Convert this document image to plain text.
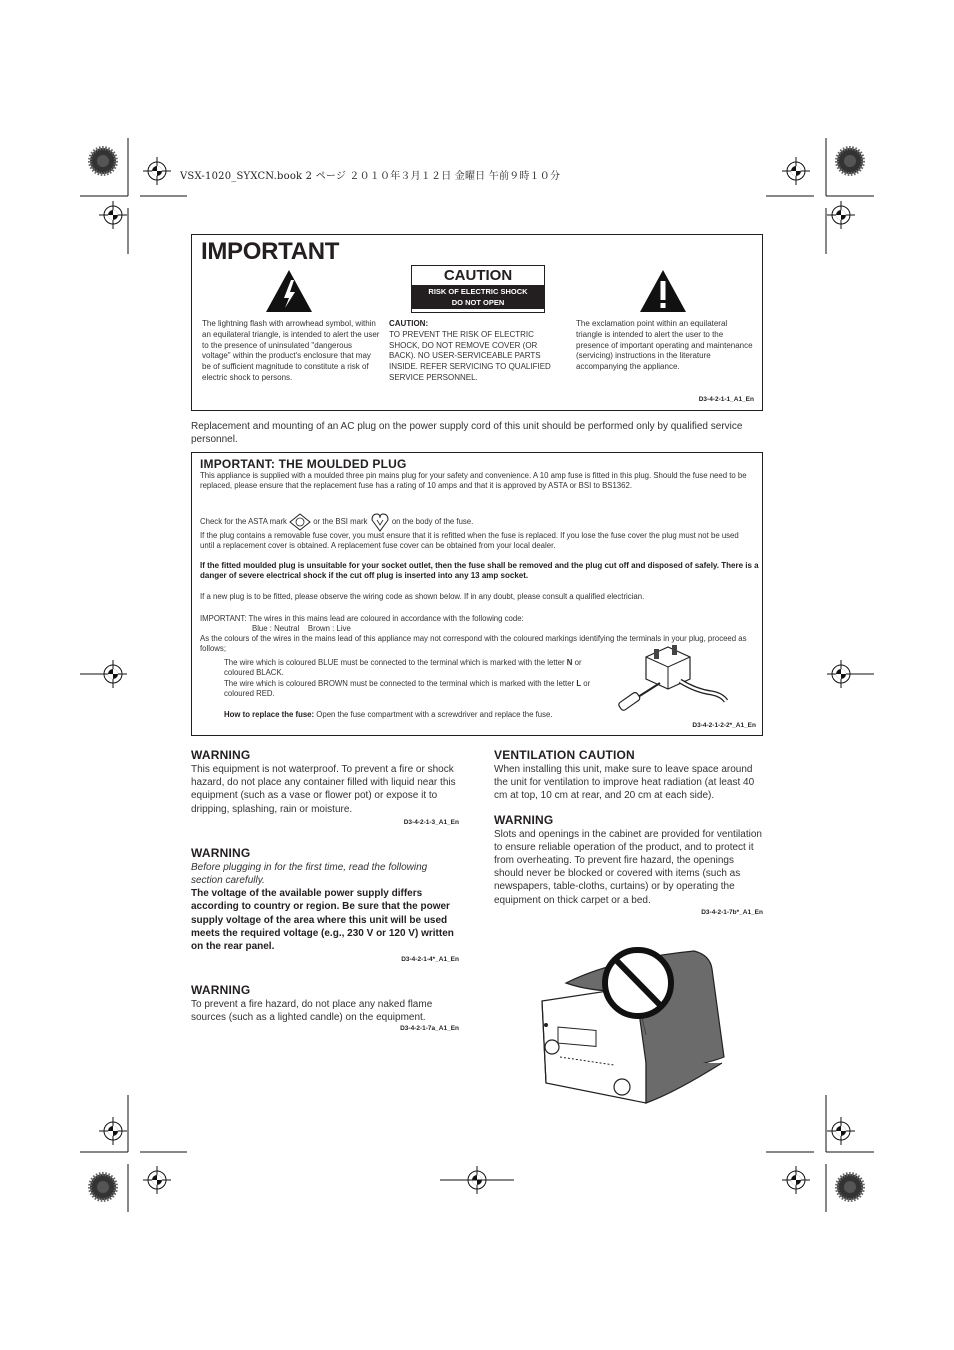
VSX-1020_SYXCN.book 2 ページ ２０１０年３月１２日 金曜日 午前９時１０分
IMPORTANT
CAUTION
RISK OF ELECTRIC SHOCK
DO NOT OPEN
The lightning flash with arrowhead symbol, within an equilateral triangle, is intended to alert the user to the presence of uninsulated "dangerous voltage" within the product's enclosure that may be of sufficient magnitude to constitute a risk of electric shock to persons.
CAUTION:
TO PREVENT THE RISK OF ELECTRIC SHOCK, DO NOT REMOVE COVER (OR BACK). NO USER-SERVICEABLE PARTS INSIDE. REFER SERVICING TO QUALIFIED SERVICE PERSONNEL.
The exclamation point within an equilateral triangle is intended to alert the user to the presence of important operating and maintenance (servicing) instructions in the literature accompanying the appliance.
D3-4-2-1-1_A1_En
Replacement and mounting of an AC plug on the power supply cord of this unit should be performed only by qualified service personnel.
IMPORTANT: THE MOULDED PLUG
This appliance is supplied with a moulded three pin mains plug for your safety and convenience. A 10 amp fuse is fitted in this plug. Should the fuse need to be replaced, please ensure that the replacement fuse has a rating of 10 amps and that it is approved by ASTA or BSI to BS1362.
Check for the ASTA mark	or the BSI mark	on the body of the fuse.
If the plug contains a removable fuse cover, you must ensure that it is refitted when the fuse is replaced. If you lose the fuse cover the plug must not be used until a replacement cover is obtained. A replacement fuse cover can be obtained from your local dealer.
If the fitted moulded plug is unsuitable for your socket outlet, then the fuse shall be removed and the plug cut off and disposed of safely. There is a danger of severe electrical shock if the cut off plug is inserted into any 13 amp socket.
If a new plug is to be fitted, please observe the wiring code as shown below. If in any doubt, please consult a qualified electrician.
IMPORTANT: The wires in this mains lead are coloured in accordance with the following code:
Blue : Neutral    Brown : Live
As the colours of the wires in the mains lead of this appliance may not correspond with the coloured markings identifying the terminals in your plug, proceed as follows;
The wire which is coloured BLUE must be connected to the terminal which is marked with the letter N or coloured BLACK.
The wire which is coloured BROWN must be connected to the terminal which is marked with the letter L or coloured RED.
How to replace the fuse: Open the fuse compartment with a screwdriver and replace the fuse.
D3-4-2-1-2-2*_A1_En
WARNING
This equipment is not waterproof. To prevent a fire or shock hazard, do not place any container filled with liquid near this equipment (such as a vase or flower pot) or expose it to dripping, splashing, rain or moisture.
D3-4-2-1-3_A1_En
WARNING
Before plugging in for the first time, read the following section carefully.
The voltage of the available power supply differs according to country or region. Be sure that the power supply voltage of the area where this unit will be used meets the required voltage (e.g., 230 V or 120 V) written on the rear panel.
D3-4-2-1-4*_A1_En
WARNING
To prevent a fire hazard, do not place any naked flame sources (such as a lighted candle) on the equipment.
D3-4-2-1-7a_A1_En
VENTILATION CAUTION
When installing this unit, make sure to leave space around the unit for ventilation to improve heat radiation (at least 40 cm at top, 10 cm at rear, and 20 cm at each side).
WARNING
Slots and openings in the cabinet are provided for ventilation to ensure reliable operation of the product, and to protect it from overheating. To prevent fire hazard, the openings should never be blocked or covered with items (such as newspapers, table-cloths, curtains) or by operating the equipment on thick carpet or a bed.
D3-4-2-1-7b*_A1_En
